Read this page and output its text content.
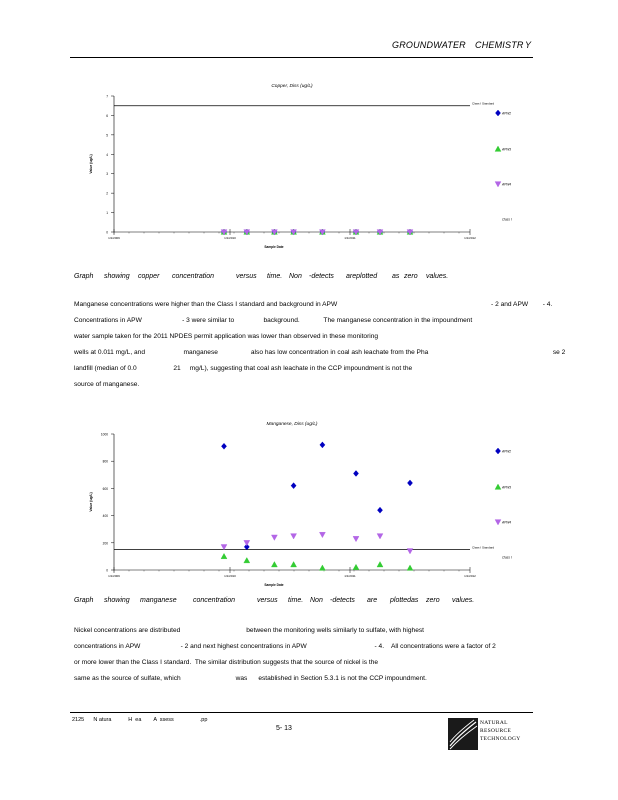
GROUNDWATER CHEMISTR Y
Copper, Diss (ug/L)
0
1
2
3
4
5
6
7
1/1/2009	1/1/2010	1/1/2011	1/1/2012
Value (ug/L)
Sample Date
Class I Standard
APW2
APW3
APW4
Class I
Graph showing copper concentration	versus time. Non -detects areplotted as zero values.
Manganese concentrations were higher than the Class I standard and background in APW                                                                                    - 2 and APW        - 4.
Concentrations in APW                      - 3 were similar to                background.             The manganese concentration in the impoundment
water sample taken for the 2011 NPDES permit application was lower than observed in these monitoring
wells at 0.011 mg/L, and                     manganese                  also has low concentration in coal ash leachate from the Pha                                                                    se 2
landfill (median of 0.0                    21     mg/L), suggesting that coal ash leachate in the CCP impoundment is not the
source of manganese.
Manganese, Diss (ug/L)
0
200
400
600
800
1000
1/1/2009	1/1/2010	1/1/2011	1/1/2012
Value (ug/L)
Sample Date
Class I Standard
APW2
APW3
APW4
Class I
Graph showing manganese concentration	versus time. Non -detects are plottedas zero values.
Nickel concentrations are distributed                                    between the monitoring wells similarly to sulfate, with highest
concentrations in APW                      - 2 and next highest concentrations in APW                                     - 4.    All concentrations were a factor of 2
or more lower than the Class I standard.  The similar distribution suggests that the source of nickel is the
same as the source of sulfate, which                              was      established in Section 5.3.1 is not the CCP impoundment.
2125      N atura           H  ea        A  ssess                 .pp
5- 13
NATURAL
RESOURCE
TECHNOLOGY
